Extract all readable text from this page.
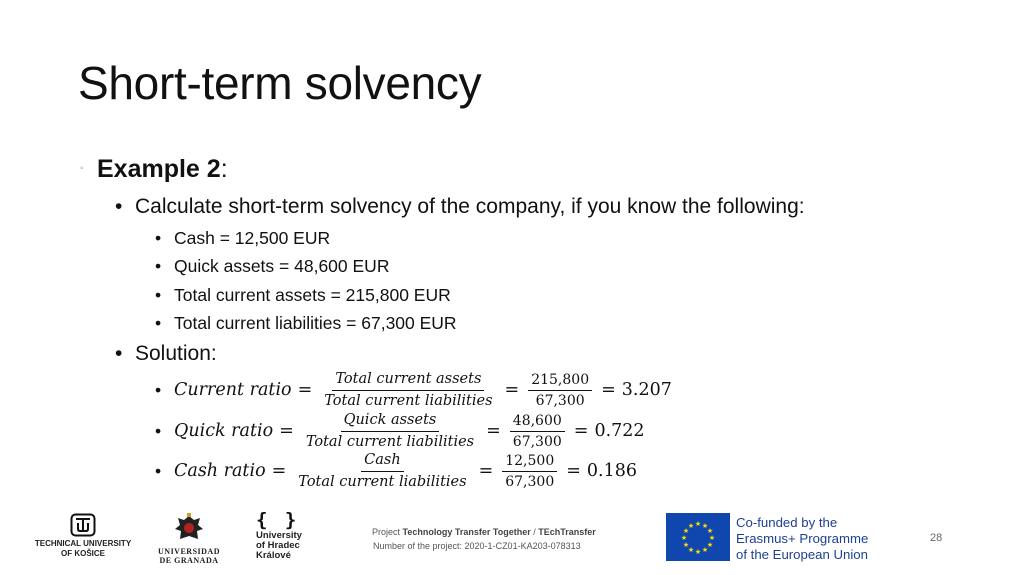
Short-term solvency
◦ Example 2:
• Calculate short-term solvency of the company, if you know the following:
• Cash = 12,500 EUR
• Quick assets = 48,600 EUR
• Total current assets = 215,800 EUR
• Total current liabilities = 67,300 EUR
• Solution:
• Current ratio = $\frac{\text{Total current assets}}{\text{Total current liabilities}} = \frac{215,800}{67,300} = 3.207$
• Quick ratio = $\frac{\text{Quick assets}}{\text{Total current liabilities}} = \frac{48,600}{67,300} = 0.722$
• Cash ratio = $\frac{\text{Cash}}{\text{Total current liabilities}} = \frac{12,500}{67,300} = 0.186$
TECHNICAL UNIVERSITY
OF KOŠICE	UNIVERSIDAD
DE GRANADA
{ }
University
of Hradec
Králové
Project Technology Transfer Together / TEchTransfer
Number of the project: 2020-1-CZ01-KA203-078313
★ ★
★
★
★
★
★
★
★
★
★
★	Co-funded by the
Erasmus+ Programme
of the European Union
28
